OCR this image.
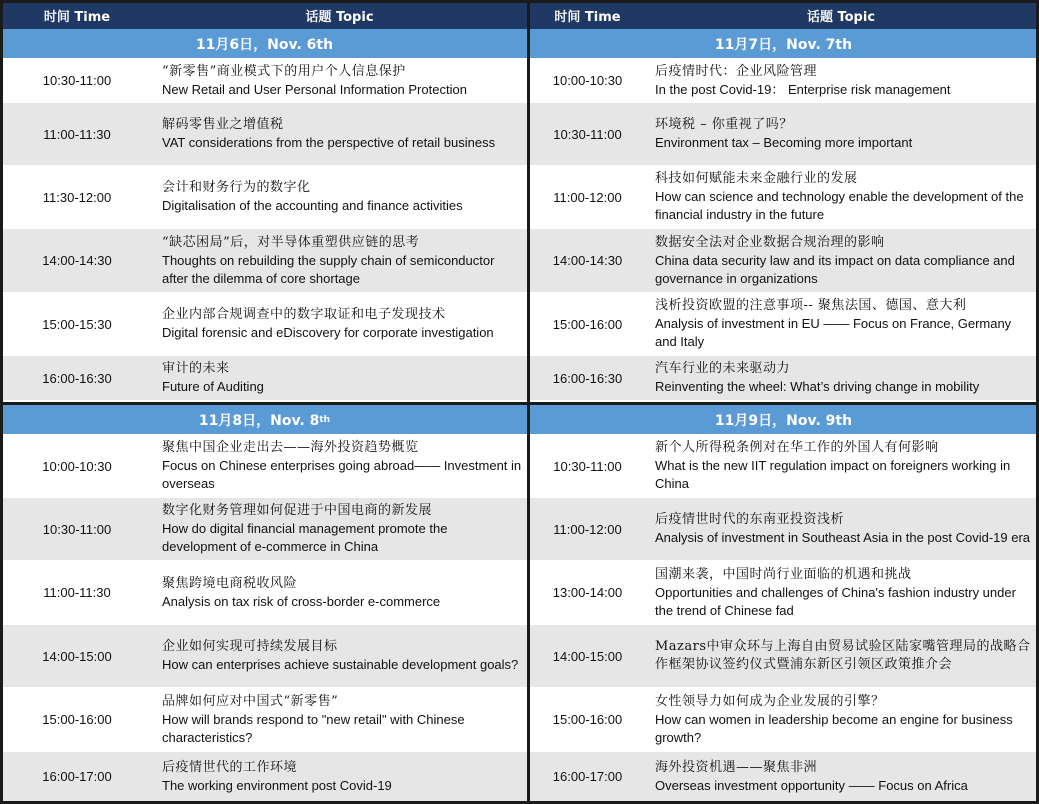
时间 Time	话题 Topic
11月6日，Nov. 6th
10:30-11:00
“新零售”商业模式下的用户个人信息保护
New Retail and User Personal Information Protection
11:00-11:30
解码零售业之增值税
VAT considerations from the perspective of retail business
11:30-12:00
会计和财务行为的数字化
Digitalisation of the accounting and finance activities
14:00-14:30
“缺芯困局”后，对半导体重塑供应链的思考
Thoughts on rebuilding the supply chain of semiconductor after the dilemma of core shortage
15:00-15:30
企业内部合规调查中的数字取证和电子发现技术
Digital forensic and eDiscovery for corporate investigation
16:00-16:30
审计的未来
Future of Auditing
时间 Time	话题 Topic
11月7日，Nov. 7th
10:00-10:30
后疫情时代：企业风险管理
In the post Covid-19： Enterprise risk management
10:30-11:00
环境税 – 你重视了吗？
Environment tax – Becoming more important
11:00-12:00
科技如何赋能未来金融行业的发展
How can science and technology enable the development of the financial industry in the future
14:00-14:30
数据安全法对企业数据合规治理的影响
China data security law and its impact on data compliance and governance in organizations
15:00-16:00
浅析投资欧盟的注意事项-- 聚焦法国、德国、意大利
Analysis of investment in EU —— Focus on France, Germany and Italy
16:00-16:30
汽车行业的未来驱动力
Reinventing the wheel: What’s driving change in mobility
11月8日，Nov. 8 th
10:00-10:30
聚焦中国企业走出去——海外投资趋势概览
Focus on Chinese enterprises going abroad—— Investment in overseas
10:30-11:00
数字化财务管理如何促进于中国电商的新发展
How do digital financial management promote the development of e-commerce in China
11:00-11:30
聚焦跨境电商税收风险
Analysis on tax risk of cross-border e-commerce
14:00-15:00
企业如何实现可持续发展目标
How can enterprises achieve sustainable development goals?
15:00-16:00
品牌如何应对中国式“新零售”
How will brands respond to "new retail" with Chinese characteristics?
16:00-17:00
后疫情世代的工作环境
The working environment post Covid-19
11月9日，Nov. 9th
10:30-11:00
新个人所得税条例对在华工作的外国人有何影响
What is the new IIT regulation impact on foreigners working in China
11:00-12:00
后疫情世时代的东南亚投资浅析
Analysis of investment in Southeast Asia in the post Covid-19 era
13:00-14:00
国潮来袭，中国时尚行业面临的机遇和挑战
Opportunities and challenges of China's fashion industry under the trend of Chinese fad
14:00-15:00
Mazars中审众环与上海自由贸易试验区陆家嘴管理局的战略合作框架协议签约仪式暨浦东新区引领区政策推介会
15:00-16:00
女性领导力如何成为企业发展的引擎？
How can women in leadership become an engine for business growth?
16:00-17:00
海外投资机遇——聚焦非洲
Overseas investment opportunity —— Focus on Africa
